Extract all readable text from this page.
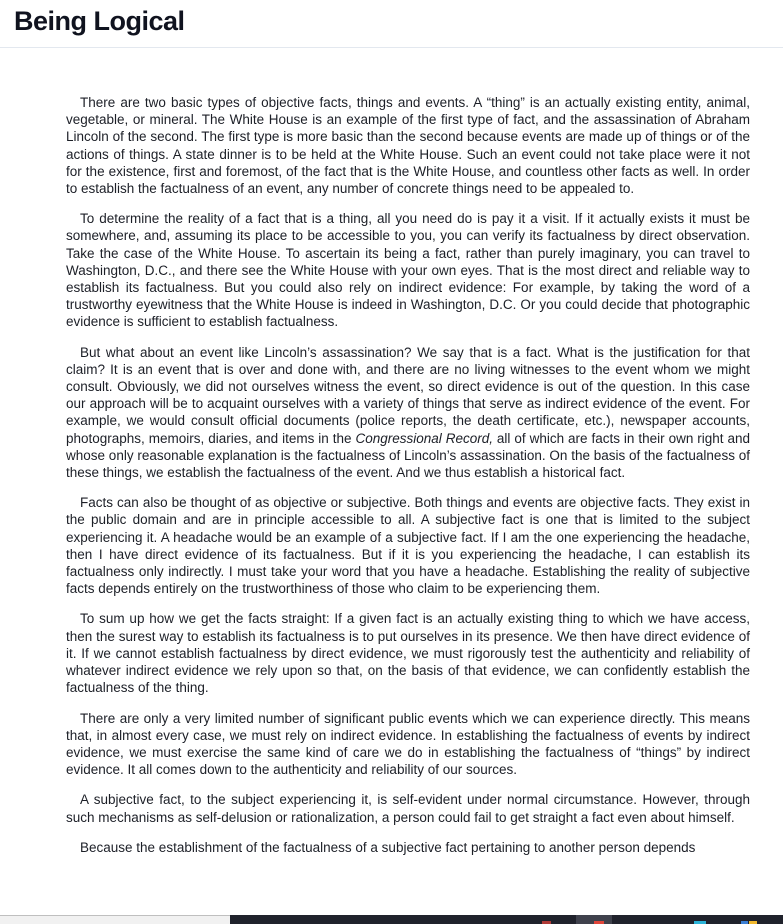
Being Logical

There are two basic types of objective facts, things and events. A “thing” is an actually existing entity, animal, vegetable, or mineral. The White House is an example of the first type of fact, and the assassination of Abraham Lincoln of the second. The first type is more basic than the second because events are made up of things or of the actions of things. A state dinner is to be held at the White House. Such an event could not take place were it not for the existence, first and foremost, of the fact that is the White House, and countless other facts as well. In order to establish the factualness of an event, any number of concrete things need to be appealed to.

To determine the reality of a fact that is a thing, all you need do is pay it a visit. If it actually exists it must be somewhere, and, assuming its place to be accessible to you, you can verify its factualness by direct observation. Take the case of the White House. To ascertain its being a fact, rather than purely imaginary, you can travel to Washington, D.C., and there see the White House with your own eyes. That is the most direct and reliable way to establish its factualness. But you could also rely on indirect evidence: For example, by taking the word of a trustworthy eyewitness that the White House is indeed in Washington, D.C. Or you could decide that photographic evidence is sufficient to establish factualness.

But what about an event like Lincoln’s assassination? We say that is a fact. What is the justification for that claim? It is an event that is over and done with, and there are no living witnesses to the event whom we might consult. Obviously, we did not ourselves witness the event, so direct evidence is out of the question. In this case our approach will be to acquaint ourselves with a variety of things that serve as indirect evidence of the event. For example, we would consult official documents (police reports, the death certificate, etc.), newspaper accounts, photographs, memoirs, diaries, and items in the Congressional Record, all of which are facts in their own right and whose only reasonable explanation is the factualness of Lincoln’s assassination. On the basis of the factualness of these things, we establish the factualness of the event. And we thus establish a historical fact.

Facts can also be thought of as objective or subjective. Both things and events are objective facts. They exist in the public domain and are in principle accessible to all. A subjective fact is one that is limited to the subject experiencing it. A headache would be an example of a subjective fact. If I am the one experiencing the headache, then I have direct evidence of its factualness. But if it is you experiencing the headache, I can establish its factualness only indirectly. I must take your word that you have a headache. Establishing the reality of subjective facts depends entirely on the trustworthiness of those who claim to be experiencing them.

To sum up how we get the facts straight: If a given fact is an actually existing thing to which we have access, then the surest way to establish its factualness is to put ourselves in its presence. We then have direct evidence of it. If we cannot establish factualness by direct evidence, we must rigorously test the authenticity and reliability of whatever indirect evidence we rely upon so that, on the basis of that evidence, we can confidently establish the factualness of the thing.

There are only a very limited number of significant public events which we can experience directly. This means that, in almost every case, we must rely on indirect evidence. In establishing the factualness of events by indirect evidence, we must exercise the same kind of care we do in establishing the factualness of “things” by indirect evidence. It all comes down to the authenticity and reliability of our sources.

A subjective fact, to the subject experiencing it, is self-evident under normal circumstance. However, through such mechanisms as self-delusion or rationalization, a person could fail to get straight a fact even about himself.

Because the establishment of the factualness of a subjective fact pertaining to another person depends
